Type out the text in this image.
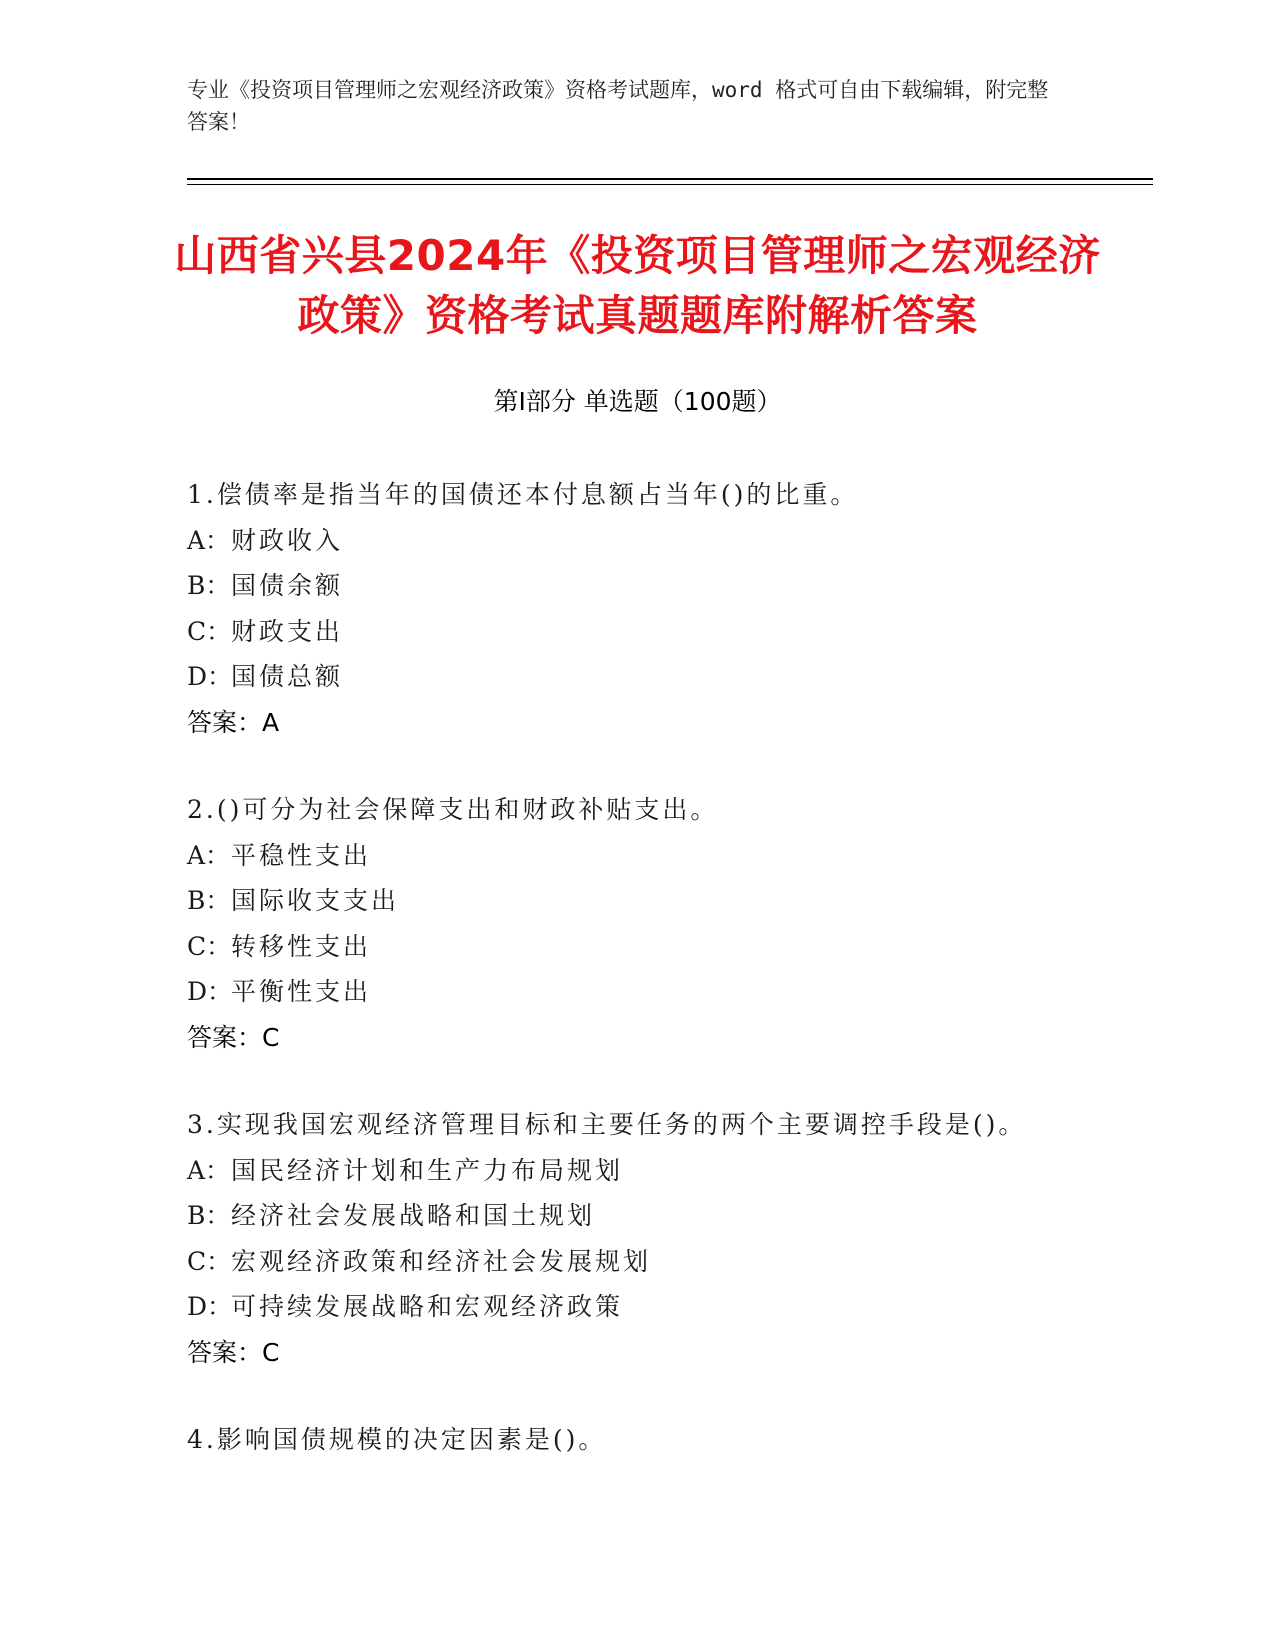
专业《投资项目管理师之宏观经济政策》资格考试题库，word 格式可自由下载编辑，附完整答案！
山西省兴县2024年《投资项目管理师之宏观经济政策》资格考试真题题库附解析答案
第Ⅰ部分 单选题（100题）
1.偿债率是指当年的国债还本付息额占当年()的比重。
A：财政收入
B：国债余额
C：财政支出
D：国债总额
答案：A
2.()可分为社会保障支出和财政补贴支出。
A：平稳性支出
B：国际收支支出
C：转移性支出
D：平衡性支出
答案：C
3.实现我国宏观经济管理目标和主要任务的两个主要调控手段是()。
A：国民经济计划和生产力布局规划
B：经济社会发展战略和国土规划
C：宏观经济政策和经济社会发展规划
D：可持续发展战略和宏观经济政策
答案：C
4.影响国债规模的决定因素是()。
